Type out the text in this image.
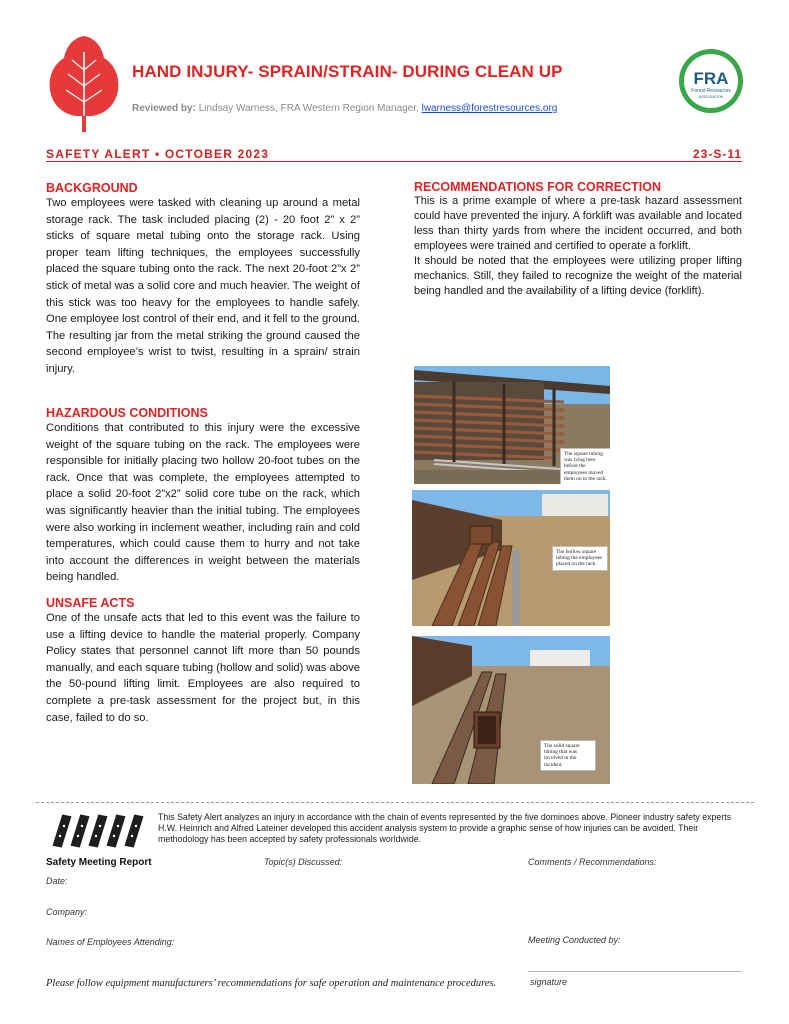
HAND INJURY- SPRAIN/STRAIN- DURING CLEAN UP
Reviewed by: Lindsay Warness, FRA Western Region Manager, lwarness@forestresources.org
FRA
Forest Resources
ASSOCIATION
SAFETY ALERT • OCTOBER 2023	23-S-11
BACKGROUND

Two employees were tasked with cleaning up around a metal storage rack. The task included placing (2) - 20 foot 2” x 2” sticks of square metal tubing onto the storage rack. Using proper team lifting techniques, the employees successfully placed the square tubing onto the rack. The next 20-foot 2”x 2” stick of metal was a solid core and much heavier. The weight of this stick was too heavy for the employees to handle safely. One employee lost control of their end, and it fell to the ground. The resulting jar from the metal striking the ground caused the second employee’s wrist to twist, resulting in a sprain/ strain injury.

HAZARDOUS CONDITIONS

Conditions that contributed to this injury were the excessive weight of the square tubing on the rack. The employees were responsible for initially placing two hollow 20-foot tubes on the rack. Once that was complete, the employees attempted to place a solid 20-foot 2”x2” solid core tube on the rack, which was significantly heavier than the initial tubing. The employees were also working in inclement weather, including rain and cold temperatures, which could cause them to hurry and not take into account the differences in weight between the materials being handled.

UNSAFE ACTS

One of the unsafe acts that led to this event was the failure to use a lifting device to handle the material properly. Company Policy states that personnel cannot lift more than 50 pounds manually, and each square tubing (hollow and solid) was above the 50-pound lifting limit. Employees are also required to complete a pre-task assessment for the project but, in this case, failed to do so.

RECOMMENDATIONS FOR CORRECTION

This is a prime example of where a pre-task hazard assessment could have prevented the injury. A forklift was available and located less than thirty yards from where the incident occurred, and both employees were trained and certified to operate a forklift.

It should be noted that the employees were utilizing proper lifting mechanics. Still, they failed to recognize the weight of the material being handled and the availability of a lifting device (forklift).

The square tubing was lying here before the employees moved them on to the rack.
The hollow square tubing the employees placed on the rack.
The solid square tubing that was involved in the incident.
This Safety Alert analyzes an injury in accordance with the chain of events represented by the five dominoes above. Pioneer industry safety experts H.W. Heinrich and Alfred Lateiner developed this accident analysis system to provide a graphic sense of how injuries can be avoided. Their methodology has been accepted by safety professionals worldwide.
Safety Meeting Report	Topic(s) Discussed:	Comments / Recommendations:
Date:
Company:
Names of Employees Attending:	Meeting Conducted by:
signature
Please follow equipment manufacturers’ recommendations for safe operation and maintenance procedures.
